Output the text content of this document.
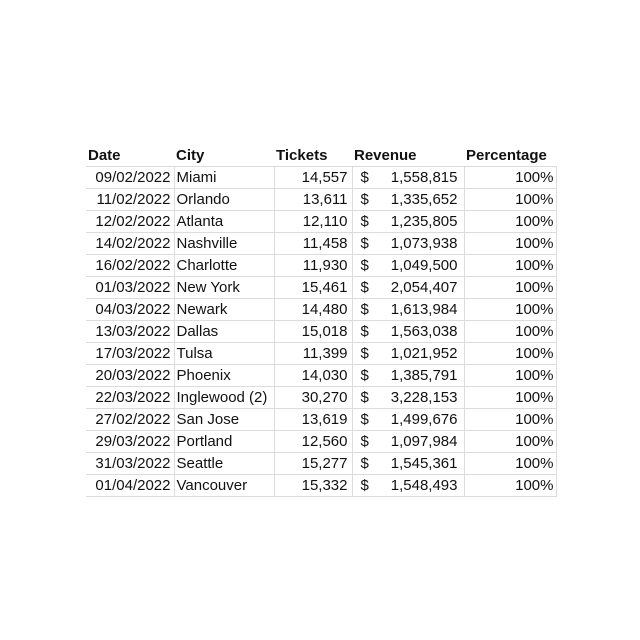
Date	City	Tickets	Revenue	Percentage
09/02/2022	Miami	14,557	$ 1,558,815	100%
11/02/2022	Orlando	13,611	$ 1,335,652	100%
12/02/2022	Atlanta	12,110	$ 1,235,805	100%
14/02/2022	Nashville	11,458	$ 1,073,938	100%
16/02/2022	Charlotte	11,930	$ 1,049,500	100%
01/03/2022	New York	15,461	$ 2,054,407	100%
04/03/2022	Newark	14,480	$ 1,613,984	100%
13/03/2022	Dallas	15,018	$ 1,563,038	100%
17/03/2022	Tulsa	11,399	$ 1,021,952	100%
20/03/2022	Phoenix	14,030	$ 1,385,791	100%
22/03/2022	Inglewood (2)	30,270	$ 3,228,153	100%
27/02/2022	San Jose	13,619	$ 1,499,676	100%
29/03/2022	Portland	12,560	$ 1,097,984	100%
31/03/2022	Seattle	15,277	$ 1,545,361	100%
01/04/2022	Vancouver	15,332	$ 1,548,493	100%
